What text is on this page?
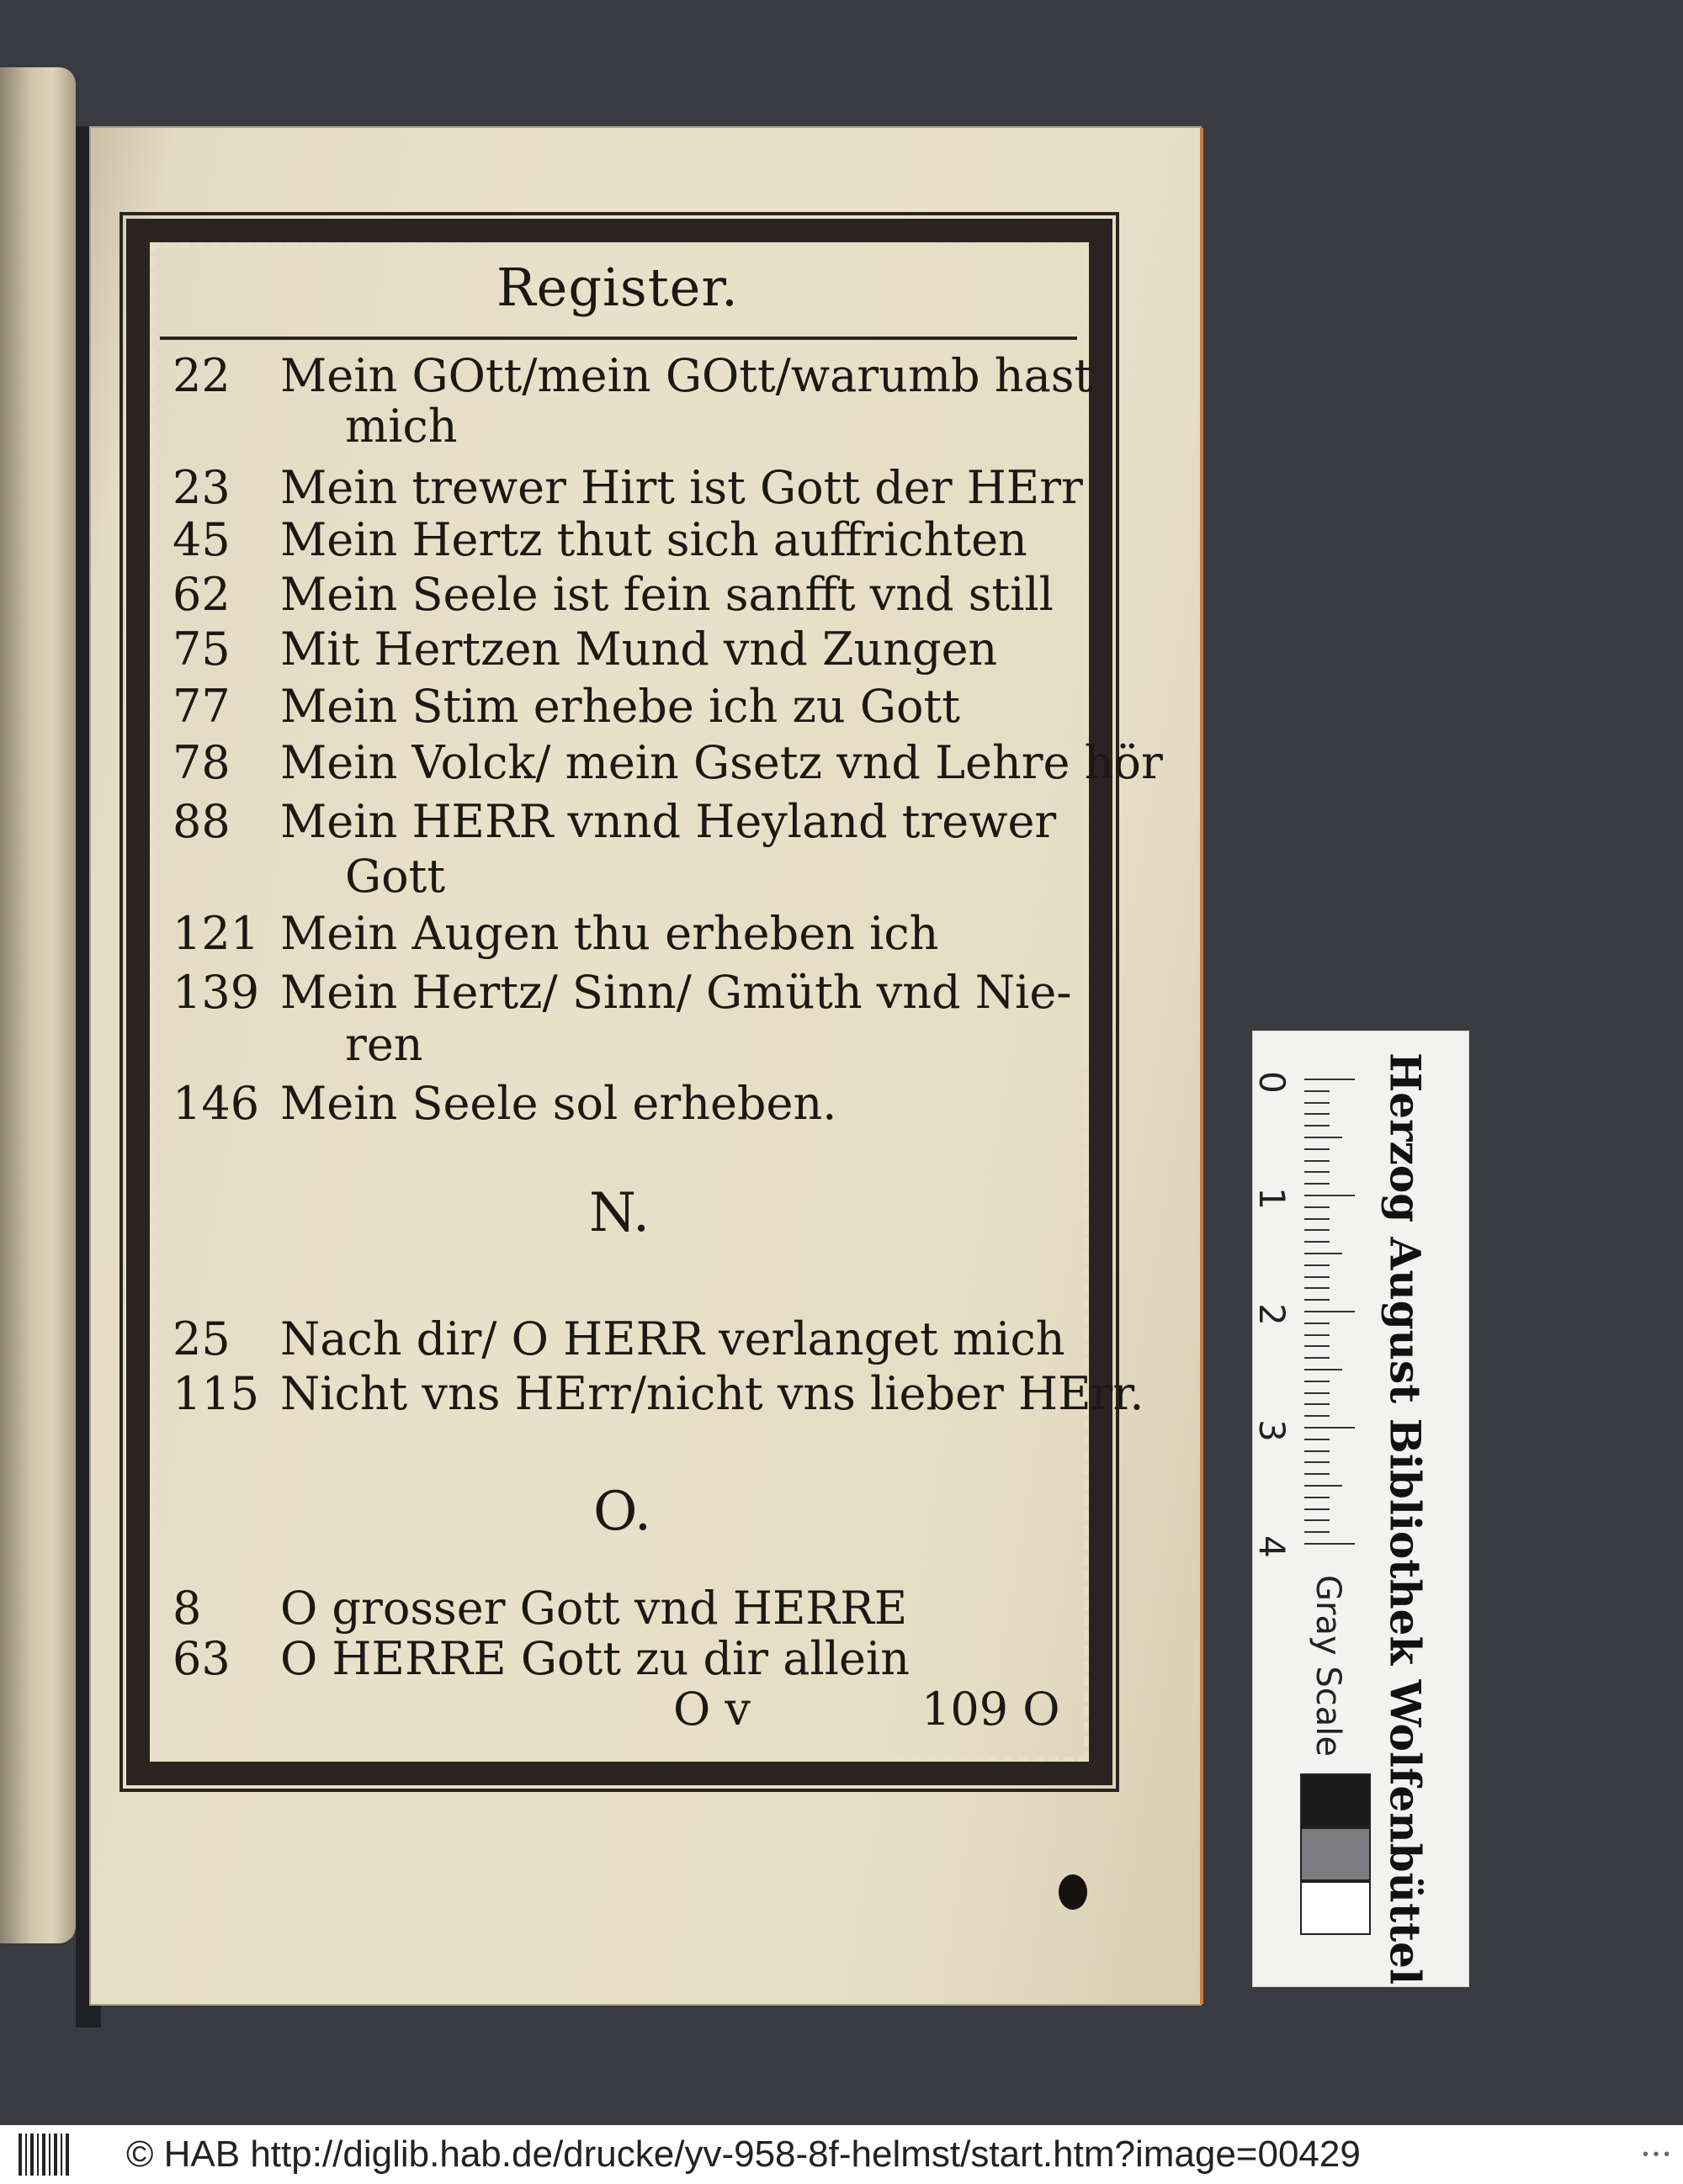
Register.
22 Mein GOtt/mein GOtt/warumb hast
mich
23 Mein trewer Hirt ist Gott der HErr
45 Mein Hertz thut sich auffrichten
62 Mein Seele ist fein sanfft vnd still
75 Mit Hertzen Mund vnd Zungen
77 Mein Stim erhebe ich zu Gott
78 Mein Volck/ mein Gsetz vnd Lehre hör
88 Mein HERR vnnd Heyland trewer
Gott
121 Mein Augen thu erheben ich
139 Mein Hertz/ Sinn/ Gmüth vnd Nie-
ren
146 Mein Seele sol erheben.
N.
25 Nach dir/ O HERR verlanget mich
115 Nicht vns HErr/nicht vns lieber HErr.
O.
8 O grosser Gott vnd HERRE
63 O HERRE Gott zu dir allein
O v	109 O	Herzog August Bibliothek Wolfenbüttel
0
1
2
3
4
Gray Scale
© HAB http://diglib.hab.de/drucke/yv-958-8f-helmst/start.htm?image=00429	• • •
